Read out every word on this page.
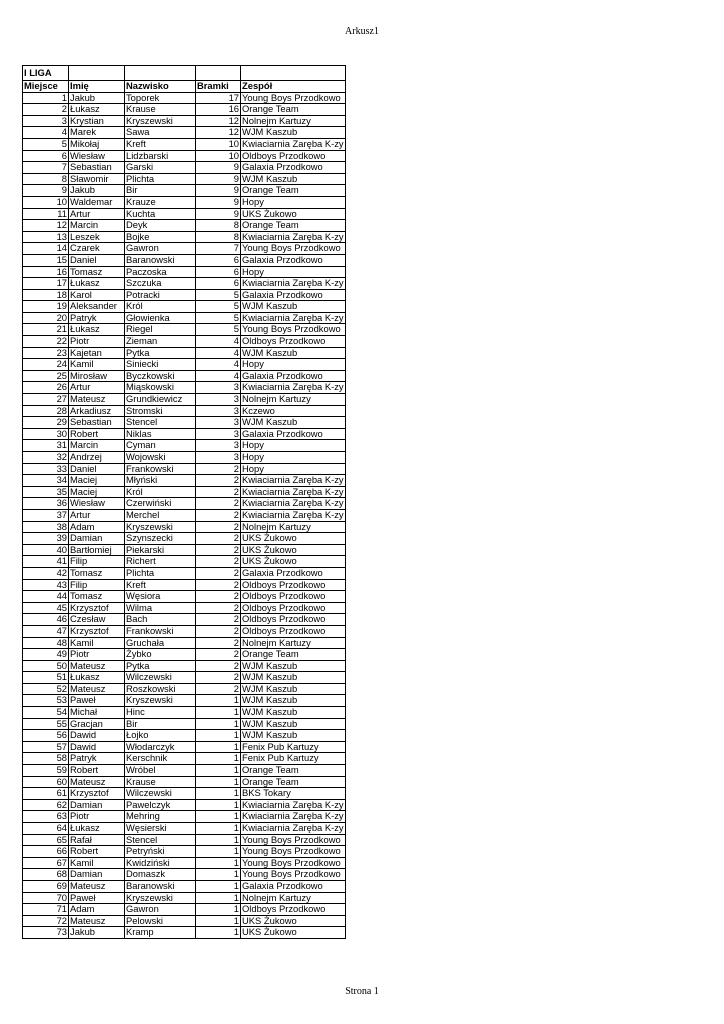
Arkusz1
I LIGA				
Miejsce	Imię	Nazwisko	Bramki	Zespół
1	Jakub	Toporek	17	Young Boys Przodkowo
2	Łukasz	Krause	16	Orange Team
3	Krystian	Kryszewski	12	Nolnejm Kartuzy
4	Marek	Sawa	12	WJM Kaszub
5	Mikołaj	Kreft	10	Kwiaciarnia Zaręba K-zy
6	Wiesław	Lidzbarski	10	Oldboys Przodkowo
7	Sebastian	Garski	9	Galaxia Przodkowo
8	Sławomir	Plichta	9	WJM Kaszub
9	Jakub	Bir	9	Orange Team
10	Waldemar	Krauze	9	Hopy
11	Artur	Kuchta	9	UKS Żukowo
12	Marcin	Deyk	8	Orange Team
13	Leszek	Bojke	8	Kwiaciarnia Zaręba K-zy
14	Czarek	Gawron	7	Young Boys Przodkowo
15	Daniel	Baranowski	6	Galaxia Przodkowo
16	Tomasz	Paczoska	6	Hopy
17	Łukasz	Szczuka	6	Kwiaciarnia Zaręba K-zy
18	Karol	Potracki	5	Galaxia Przodkowo
19	Aleksander	Król	5	WJM Kaszub
20	Patryk	Głowienka	5	Kwiaciarnia Zaręba K-zy
21	Łukasz	Riegel	5	Young Boys Przodkowo
22	Piotr	Zieman	4	Oldboys Przodkowo
23	Kajetan	Pytka	4	WJM Kaszub
24	Kamil	Siniecki	4	Hopy
25	Mirosław	Byczkowski	4	Galaxia Przodkowo
26	Artur	Miąskowski	3	Kwiaciarnia Zaręba K-zy
27	Mateusz	Grundkiewicz	3	Nolnejm Kartuzy
28	Arkadiusz	Stromski	3	Kczewo
29	Sebastian	Stencel	3	WJM Kaszub
30	Robert	Niklas	3	Galaxia Przodkowo
31	Marcin	Cyman	3	Hopy
32	Andrzej	Wojowski	3	Hopy
33	Daniel	Frankowski	2	Hopy
34	Maciej	Młyński	2	Kwiaciarnia Zaręba K-zy
35	Maciej	Król	2	Kwiaciarnia Zaręba K-zy
36	Wiesław	Czerwiński	2	Kwiaciarnia Zaręba K-zy
37	Artur	Merchel	2	Kwiaciarnia Zaręba K-zy
38	Adam	Kryszewski	2	Nolnejm Kartuzy
39	Damian	Szynszecki	2	UKS Żukowo
40	Bartłomiej	Piekarski	2	UKS Żukowo
41	Filip	Richert	2	UKS Żukowo
42	Tomasz	Plichta	2	Galaxia Przodkowo
43	Filip	Kreft	2	Oldboys Przodkowo
44	Tomasz	Węsiora	2	Oldboys Przodkowo
45	Krzysztof	Wilma	2	Oldboys Przodkowo
46	Czesław	Bach	2	Oldboys Przodkowo
47	Krzysztof	Frankowski	2	Oldboys Przodkowo
48	Kamil	Gruchała	2	Nolnejm Kartuzy
49	Piotr	Żybko	2	Orange Team
50	Mateusz	Pytka	2	WJM Kaszub
51	Łukasz	Wilczewski	2	WJM Kaszub
52	Mateusz	Roszkowski	2	WJM Kaszub
53	Paweł	Kryszewski	1	WJM Kaszub
54	Michał	Hinc	1	WJM Kaszub
55	Gracjan	Bir	1	WJM Kaszub
56	Dawid	Łojko	1	WJM Kaszub
57	Dawid	Włodarczyk	1	Fenix Pub Kartuzy
58	Patryk	Kerschnik	1	Fenix Pub Kartuzy
59	Robert	Wróbel	1	Orange Team
60	Mateusz	Krause	1	Orange Team
61	Krzysztof	Wilczewski	1	BKS Tokary
62	Damian	Pawelczyk	1	Kwiaciarnia Zaręba K-zy
63	Piotr	Mehring	1	Kwiaciarnia Zaręba K-zy
64	Łukasz	Węsierski	1	Kwiaciarnia Zaręba K-zy
65	Rafał	Stencel	1	Young Boys Przodkowo
66	Robert	Petryński	1	Young Boys Przodkowo
67	Kamil	Kwidziński	1	Young Boys Przodkowo
68	Damian	Domaszk	1	Young Boys Przodkowo
69	Mateusz	Baranowski	1	Galaxia Przodkowo
70	Paweł	Kryszewski	1	Nolnejm Kartuzy
71	Adam	Gawron	1	Oldboys Przodkowo
72	Mateusz	Pelowski	1	UKS Żukowo
73	Jakub	Kramp	1	UKS Żukowo
Strona 1
